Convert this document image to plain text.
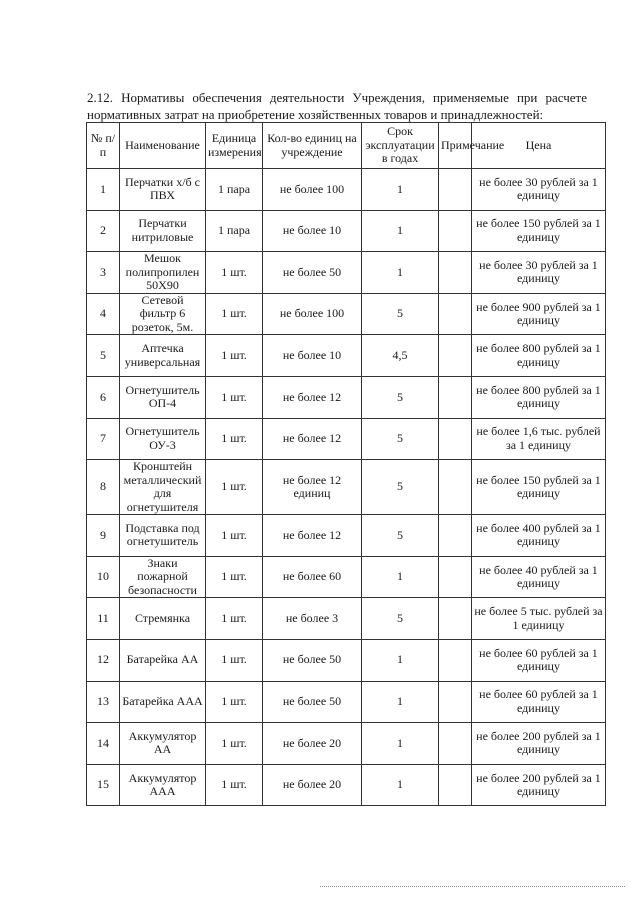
2.12. Нормативы обеспечения деятельности Учреждения, применяемые при расчете нормативных затрат на приобретение хозяйственных товаров и принадлежностей:

№ п/п	Наименование	Единица измерения	Кол-во единиц на учреждение	Срок эксплуатации в годах	Примечание	Цена
1	Перчатки х/б с ПВХ	1 пара	не более 100	1		не более 30 рублей за 1 единицу
2	Перчатки нитриловые	1 пара	не более 10	1		не более 150 рублей за 1 единицу
3	Мешок полипропилен 50Х90	1 шт.	не более 50	1		не более 30 рублей за 1 единицу
4	Сетевой фильтр 6 розеток, 5м.	1 шт.	не более 100	5		не более 900 рублей за 1 единицу
5	Аптечка универсальная	1 шт.	не более 10	4,5		не более 800 рублей за 1 единицу
6	Огнетушитель ОП-4	1 шт.	не более 12	5		не более 800 рублей за 1 единицу
7	Огнетушитель ОУ-3	1 шт.	не более 12	5		не более 1,6 тыс. рублей за 1 единицу
8	Кронштейн металлический для огнетушителя	1 шт.	не более 12 единиц	5		не более 150 рублей за 1 единицу
9	Подставка под огнетушитель	1 шт.	не более 12	5		не более 400 рублей за 1 единицу
10	Знаки пожарной безопасности	1 шт.	не более 60	1		не более 40 рублей за 1 единицу
11	Стремянка	1 шт.	не более 3	5		не более 5 тыс. рублей за 1 единицу
12	Батарейка АА	1 шт.	не более 50	1		не более 60 рублей за 1 единицу
13	Батарейка ААА	1 шт.	не более 50	1		не более 60 рублей за 1 единицу
14	Аккумулятор АА	1 шт.	не более 20	1		не более 200 рублей за 1 единицу
15	Аккумулятор ААА	1 шт.	не более 20	1		не более 200 рублей за 1 единицу
